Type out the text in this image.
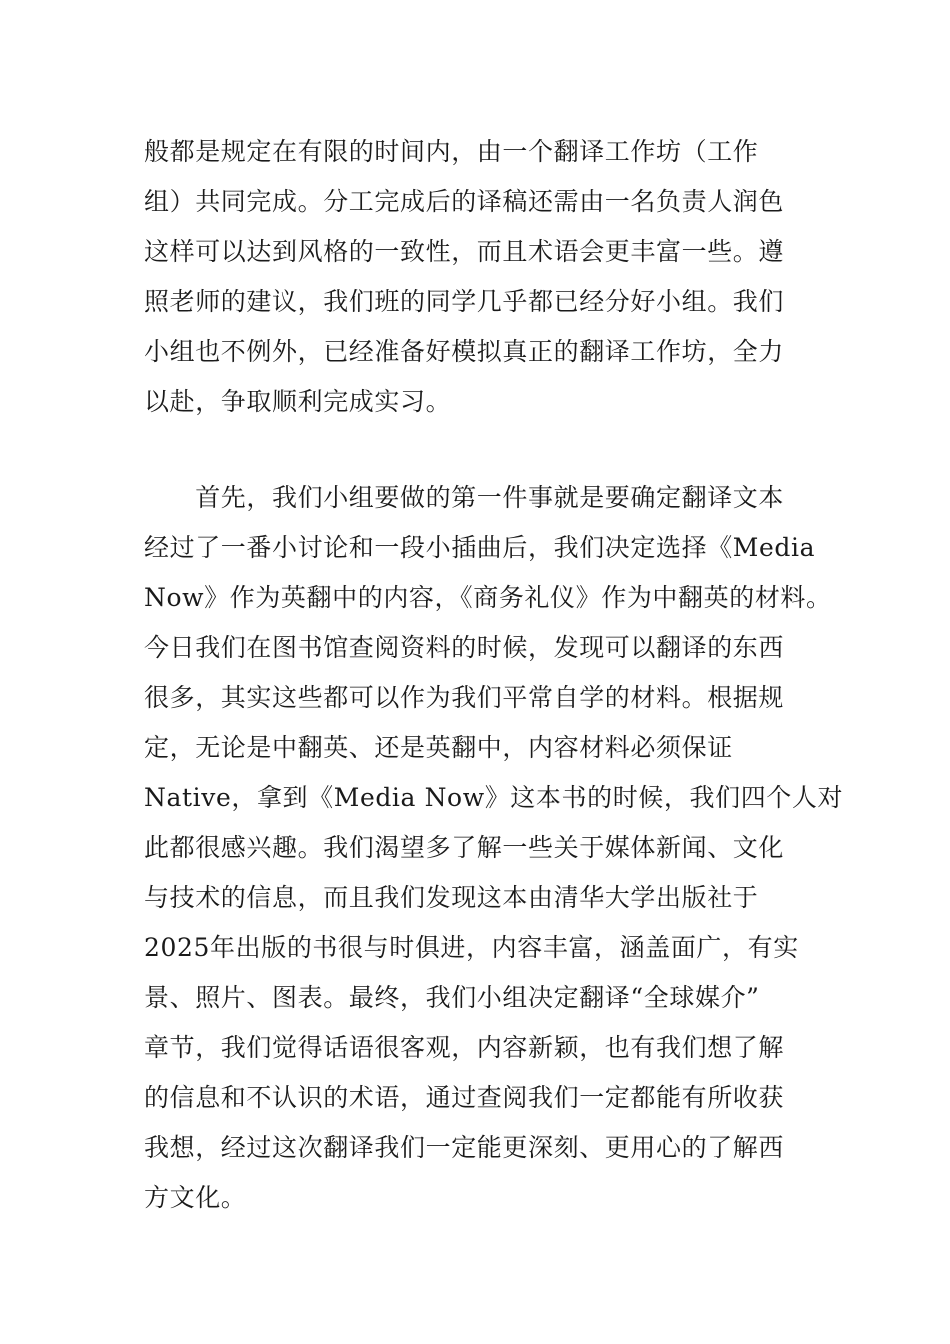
般都是规定在有限的时间内，由一个翻译工作坊（工作
组）共同完成。分工完成后的译稿还需由一名负责人润色
这样可以达到风格的一致性，而且术语会更丰富一些。遵
照老师的建议，我们班的同学几乎都已经分好小组。我们
小组也不例外，已经准备好模拟真正的翻译工作坊，全力
以赴，争取顺利完成实习。
　　首先，我们小组要做的第一件事就是要确定翻译文本
经过了一番小讨论和一段小插曲后，我们决定选择《Media
Now》作为英翻中的内容，《商务礼仪》作为中翻英的材料。
今日我们在图书馆查阅资料的时候，发现可以翻译的东西
很多，其实这些都可以作为我们平常自学的材料。根据规
定，无论是中翻英、还是英翻中，内容材料必须保证
Native，拿到《Media Now》这本书的时候，我们四个人对
此都很感兴趣。我们渴望多了解一些关于媒体新闻、文化
与技术的信息，而且我们发现这本由清华大学出版社于
2025年出版的书很与时俱进，内容丰富，涵盖面广，有实
景、照片、图表。最终，我们小组决定翻译“全球媒介”
章节，我们觉得话语很客观，内容新颖，也有我们想了解
的信息和不认识的术语，通过查阅我们一定都能有所收获
我想，经过这次翻译我们一定能更深刻、更用心的了解西
方文化。
